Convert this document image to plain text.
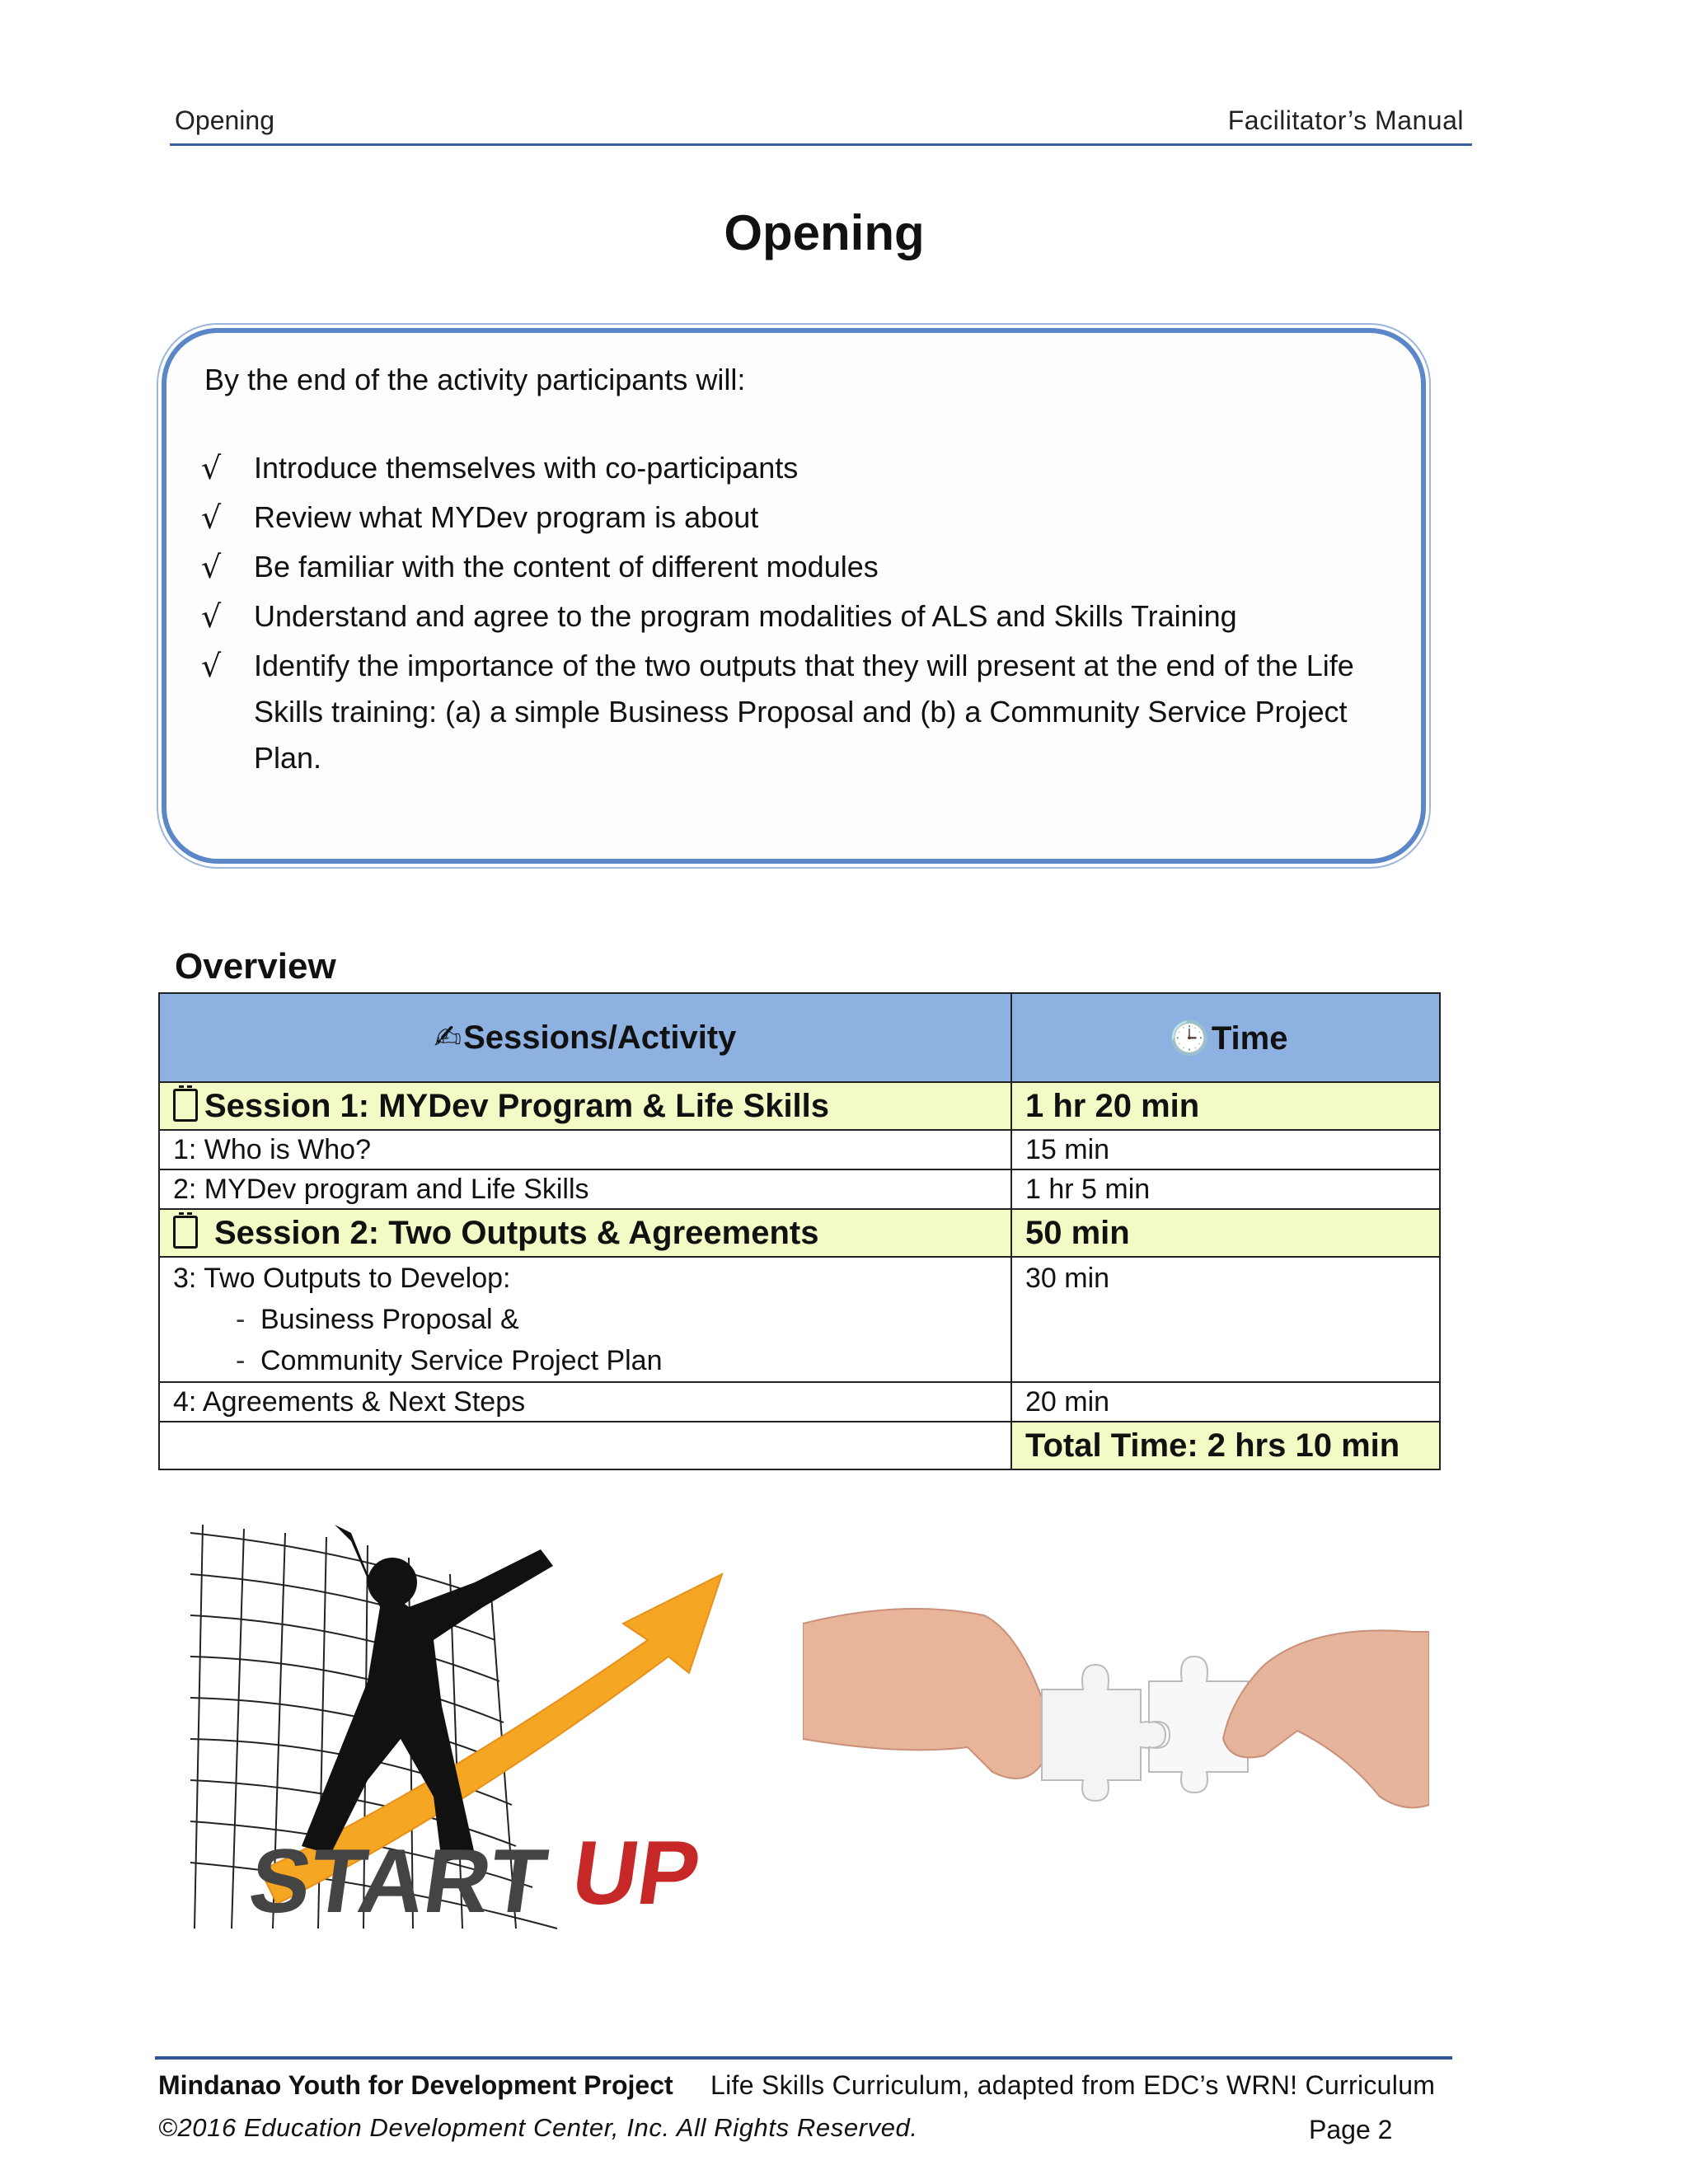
Opening	Facilitator’s Manual
Opening
By the end of the activity participants will:
√ Introduce themselves with co-participants
√ Review what MYDev program is about
√ Be familiar with the content of different modules
√ Understand and agree to the program modalities of ALS and Skills Training
√ Identify the importance of the two outputs that they will present at the end of the Life Skills training: (a) a simple Business Proposal and (b) a Community Service Project Plan.
Overview
✍Sessions/Activity	🕒Time
Session 1: MYDev Program & Life Skills	1 hr 20 min
1: Who is Who?	15 min
2: MYDev program and Life Skills	1 hr 5 min
Session 2: Two Outputs & Agreements	50 min

3: Two Outputs to Develop:
- Business Proposal &
- Community Service Project Plan	30 min
4: Agreements & Next Steps	20 min
	Total Time: 2 hrs 10 min
START UP
Mindanao Youth for Development Project Life Skills Curriculum, adapted from EDC’s WRN! Curriculum
©2016 Education Development Center, Inc. All Rights Reserved.	Page 2
